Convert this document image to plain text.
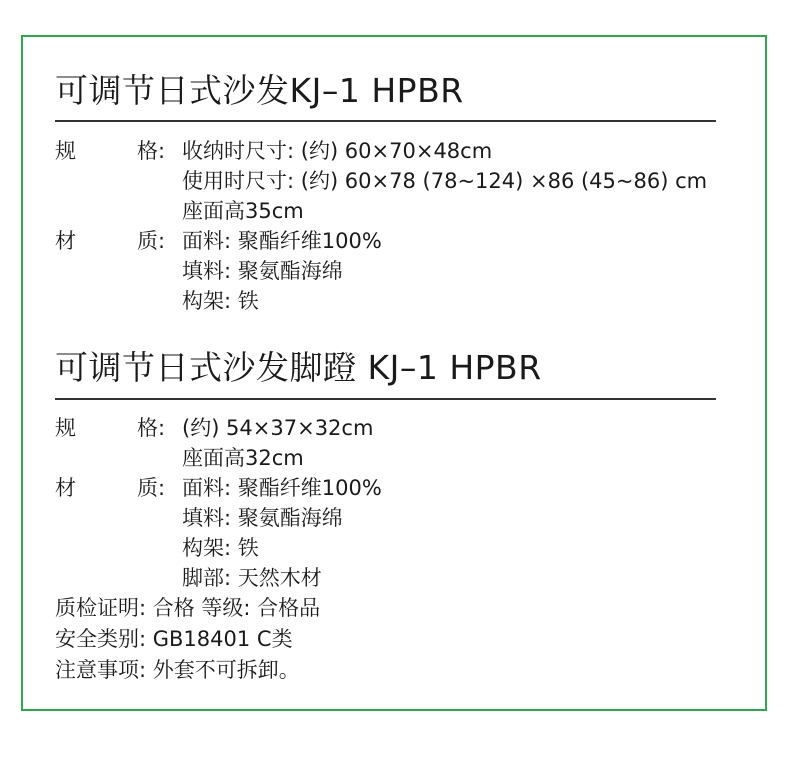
可调节日式沙发KJ–1 HPBR
规	格: 收纳时尺寸: (约) 60×70×48cm
使用时尺寸: (约) 60×78 (78~124) ×86 (45~86) cm
座面高35cm
材	质: 面料: 聚酯纤维100%
填料: 聚氨酯海绵
构架: 铁
可调节日式沙发脚蹬 KJ–1 HPBR
规	格: (约) 54×37×32cm
座面高32cm
材	质: 面料: 聚酯纤维100%
填料: 聚氨酯海绵
构架: 铁
脚部: 天然木材
质检证明: 合格 等级: 合格品
安全类别: GB18401 C类
注意事项: 外套不可拆卸。
